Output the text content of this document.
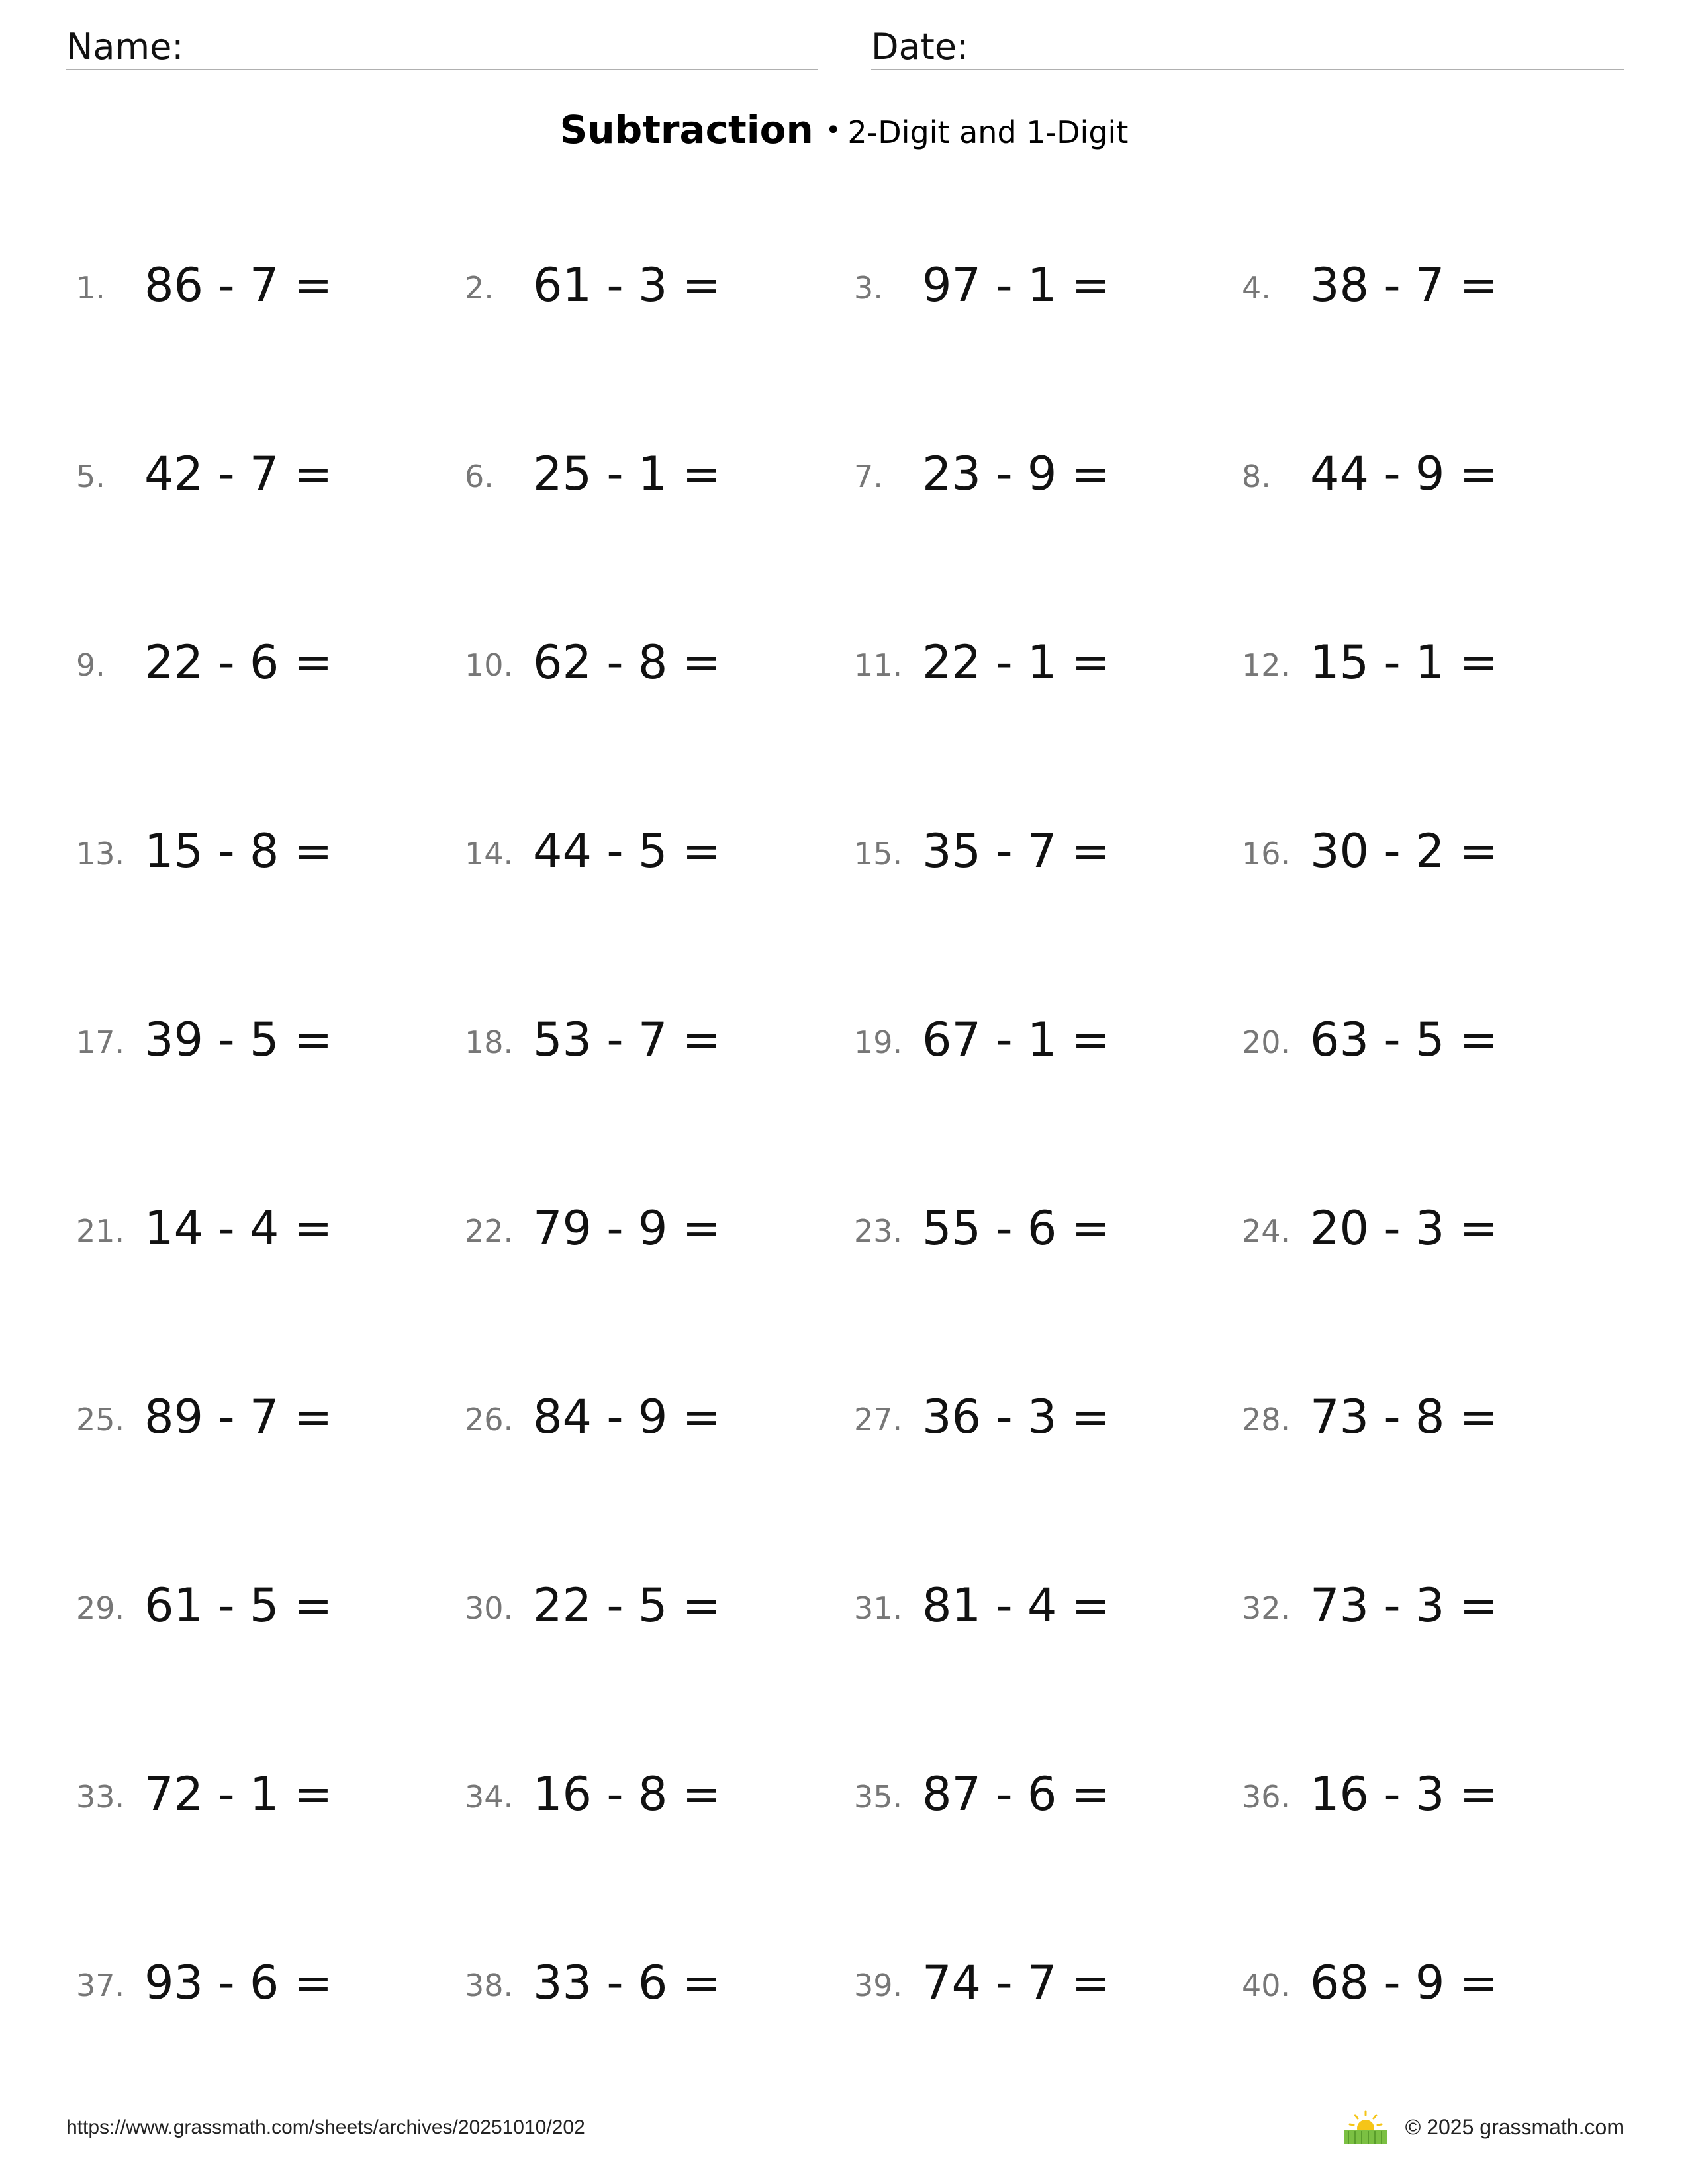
Name:	Date:
Subtraction • 2-Digit and 1-Digit
1. 86 - 7 =	2. 61 - 3 =	3. 97 - 1 =	4. 38 - 7 =
5. 42 - 7 =	6. 25 - 1 =	7. 23 - 9 =	8. 44 - 9 =
9. 22 - 6 =	10. 62 - 8 =	11. 22 - 1 =	12. 15 - 1 =
13. 15 - 8 =	14. 44 - 5 =	15. 35 - 7 =	16. 30 - 2 =
17. 39 - 5 =	18. 53 - 7 =	19. 67 - 1 =	20. 63 - 5 =
21. 14 - 4 =	22. 79 - 9 =	23. 55 - 6 =	24. 20 - 3 =
25. 89 - 7 =	26. 84 - 9 =	27. 36 - 3 =	28. 73 - 8 =
29. 61 - 5 =	30. 22 - 5 =	31. 81 - 4 =	32. 73 - 3 =
33. 72 - 1 =	34. 16 - 8 =	35. 87 - 6 =	36. 16 - 3 =
37. 93 - 6 =	38. 33 - 6 =	39. 74 - 7 =	40. 68 - 9 =
https://www.grassmath.com/sheets/archives/20251010/202	© 2025 grassmath.com
